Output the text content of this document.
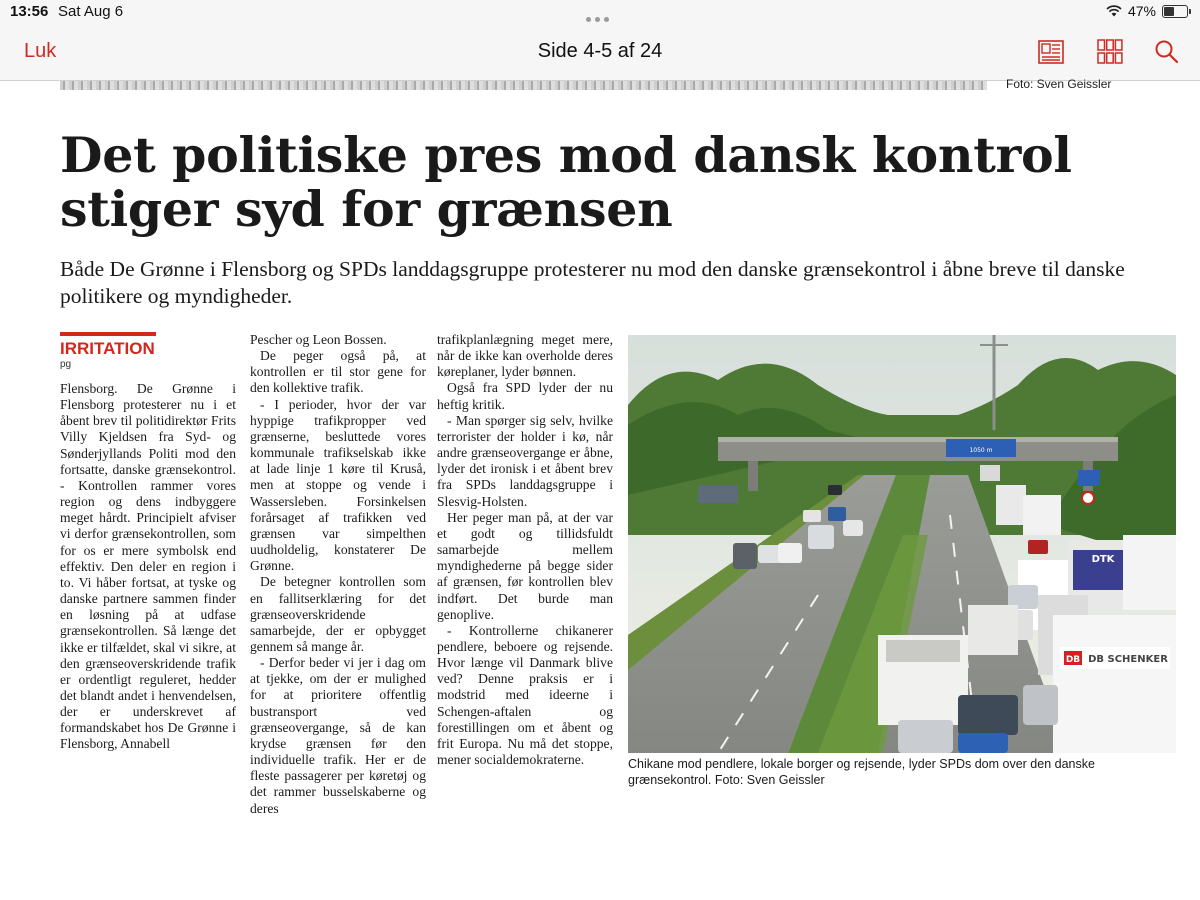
13:56 Sat Aug 6	47%
Luk	Side 4-5 af 24
Foto: Sven Geissler
Det politiske pres mod dansk kontrol
stiger syd for grænsen

Både De Grønne i Flensborg og SPDs landdagsgruppe protesterer nu mod den danske grænsekontrol i åbne breve til danske politikere og myndigheder.

IRRITATION
pg

Flensborg. De Grønne i Flensborg protesterer nu i et åbent brev til politidirektør Frits Villy Kjeldsen fra Syd- og Sønderjyllands Politi mod den fortsatte, danske grænsekontrol. - Kontrollen rammer vores region og dens indbyggere meget hårdt. Principielt afviser vi derfor grænsekontrollen, som for os er mere symbolsk end effektiv. Den deler en region i to. Vi håber fortsat, at tyske og danske partnere sammen finder en løsning på at udfase grænsekontrollen. Så længe det ikke er tilfældet, skal vi sikre, at den grænseoverskridende trafik er ordentligt reguleret, hedder det blandt andet i henvendelsen, der er underskrevet af formandskabet hos De Grønne i Flensborg, Annabell

Pescher og Leon Bossen.

De peger også på, at kontrollen er til stor gene for den kollektive trafik.

- I perioder, hvor der var hyppige trafikpropper ved grænserne, besluttede vores kommunale trafikselskab ikke at lade linje 1 køre til Kruså, men at stoppe og vende i Wassersleben. Forsinkelsen forårsaget af trafikken ved grænsen var simpelthen uudholdelig, konstaterer De Grønne.

De betegner kontrollen som en fallitserklæring for det grænseoverskridende samarbejde, der er opbygget gennem så mange år.

- Derfor beder vi jer i dag om at tjekke, om der er mulighed for at prioritere offentlig bustransport ved grænseovergange, så de kan krydse grænsen før den individuelle trafik. Her er de fleste passagerer per køretøj og det rammer busselskaberne og deres

trafikplanlægning meget mere, når de ikke kan overholde deres køreplaner, lyder bønnen.

Også fra SPD lyder der nu heftig kritik.

- Man spørger sig selv, hvilke terrorister der holder i kø, når andre grænseovergange er åbne, lyder det ironisk i et åbent brev fra SPDs landdagsgruppe i Slesvig-Holsten.

Her peger man på, at der var et godt og tillidsfuldt samarbejde mellem myndighederne på begge sider af grænsen, før kontrollen blev indført. Det burde man genoplive.

- Kontrollerne chikanerer pendlere, beboere og rejsende. Hvor længe vil Danmark blive ved? Denne praksis er i modstrid med ideerne i Schengen-aftalen og forestillingen om et åbent og frit Europa. Nu må det stoppe, mener socialdemokraterne.

1050 m
DTK
DB DB SCHENKER

Chikane mod pendlere, lokale borger og rejsende, lyder SPDs dom over den danske grænsekontrol. Foto: Sven Geissler
